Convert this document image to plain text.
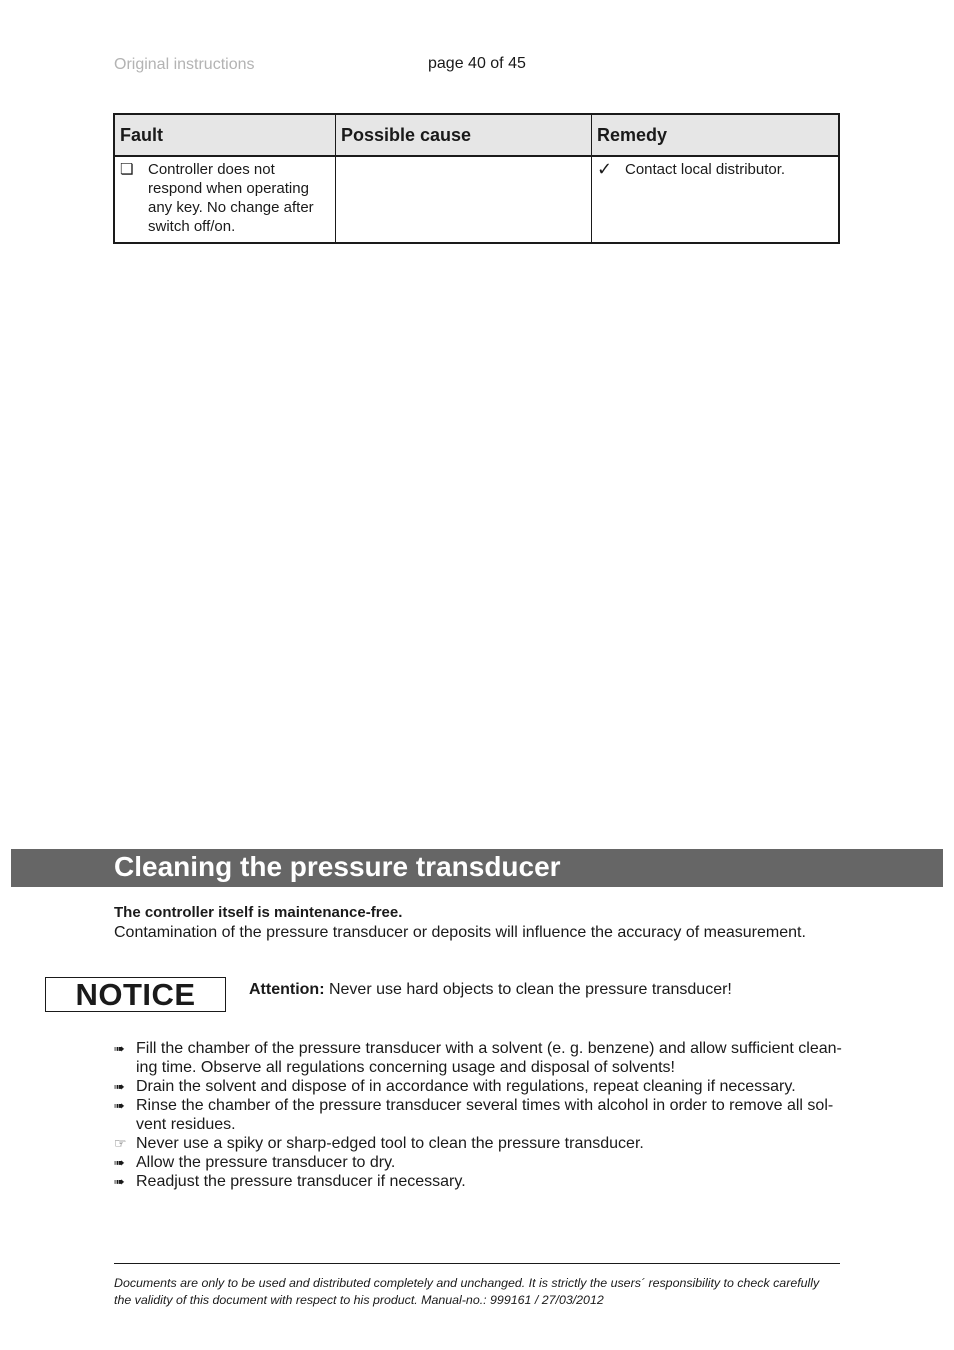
Original instructions	page 40 of 45
Fault	Possible cause	Remedy

❏ Controller does not respond when operating any key. No change after switch off/on.		✓ Contact local distributor.
Cleaning the pressure transducer
The controller itself is maintenance-free.
Contamination of the pressure transducer or deposits will influence the accuracy of measurement.
NOTICE	Attention: Never use hard objects to clean the pressure transducer!
➠ Fill the chamber of the pressure transducer with a solvent (e. g. benzene) and allow sufficient clean-ing time. Observe all regulations concerning usage and disposal of solvents!
➠ Drain the solvent and dispose of in accordance with regulations, repeat cleaning if necessary.
➠ Rinse the chamber of the pressure transducer several times with alcohol in order to remove all sol-vent residues.
☞ Never use a spiky or sharp-edged tool to clean the pressure transducer.
➠ Allow the pressure transducer to dry.
➠ Readjust the pressure transducer if necessary.
Documents are only to be used and distributed completely and unchanged. It is strictly the users´ responsibility to check carefully
the validity of this document with respect to his product. Manual-no.: 999161 / 27/03/2012
